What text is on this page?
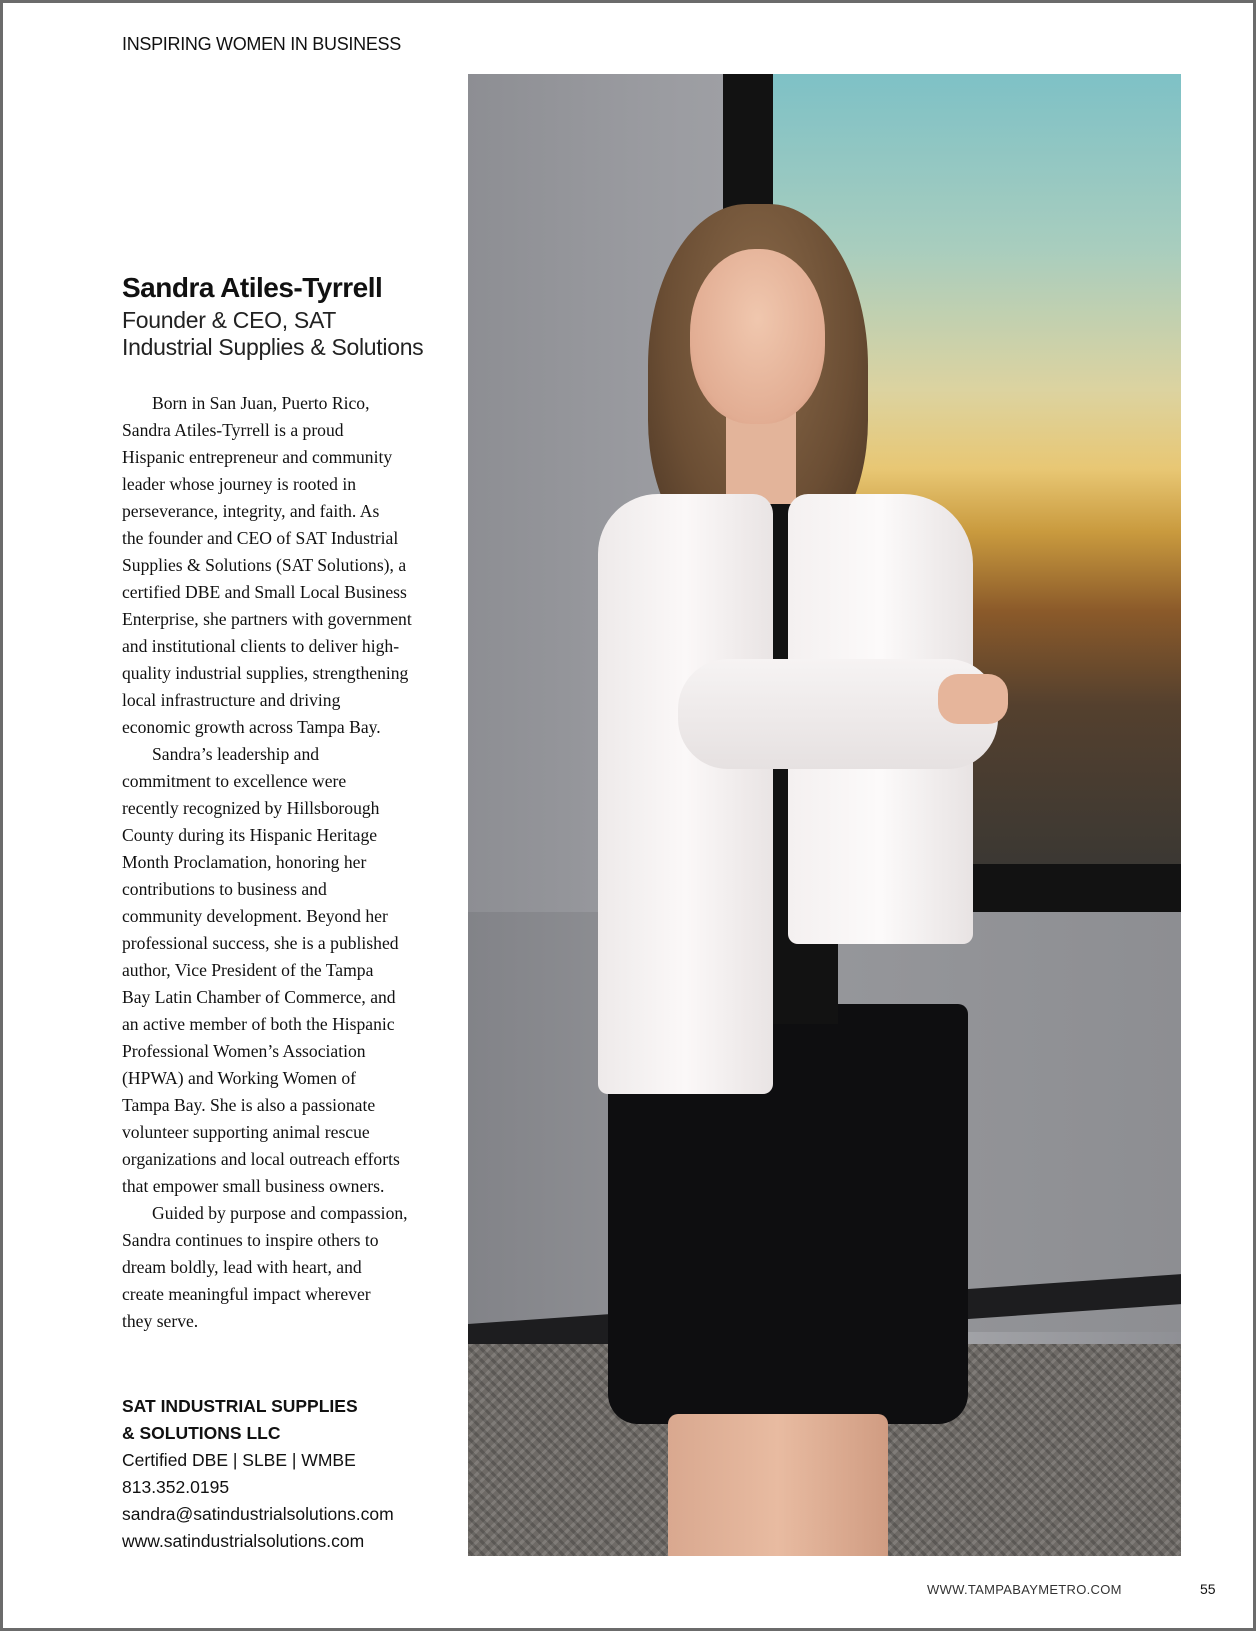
INSPIRING WOMEN IN BUSINESS
Sandra Atiles-Tyrrell
Founder & CEO, SAT
Industrial Supplies & Solutions

Born in San Juan, Puerto Rico,
Sandra Atiles-Tyrrell is a proud
Hispanic entrepreneur and community
leader whose journey is rooted in
perseverance, integrity, and faith. As
the founder and CEO of SAT Industrial
Supplies & Solutions (SAT Solutions), a
certified DBE and Small Local Business
Enterprise, she partners with government
and institutional clients to deliver high-
quality industrial supplies, strengthening
local infrastructure and driving
economic growth across Tampa Bay.

Sandra’s leadership and
commitment to excellence were
recently recognized by Hillsborough
County during its Hispanic Heritage
Month Proclamation, honoring her
contributions to business and
community development. Beyond her
professional success, she is a published
author, Vice President of the Tampa
Bay Latin Chamber of Commerce, and
an active member of both the Hispanic
Professional Women’s Association
(HPWA) and Working Women of
Tampa Bay. She is also a passionate
volunteer supporting animal rescue
organizations and local outreach efforts
that empower small business owners.

Guided by purpose and compassion,
Sandra continues to inspire others to
dream boldly, lead with heart, and
create meaningful impact wherever
they serve.

SAT INDUSTRIAL SUPPLIES
& SOLUTIONS LLC
Certified DBE | SLBE | WMBE
813.352.0195
sandra@satindustrialsolutions.com
www.satindustrialsolutions.com
WWW.TAMPABAYMETRO.COM	55
